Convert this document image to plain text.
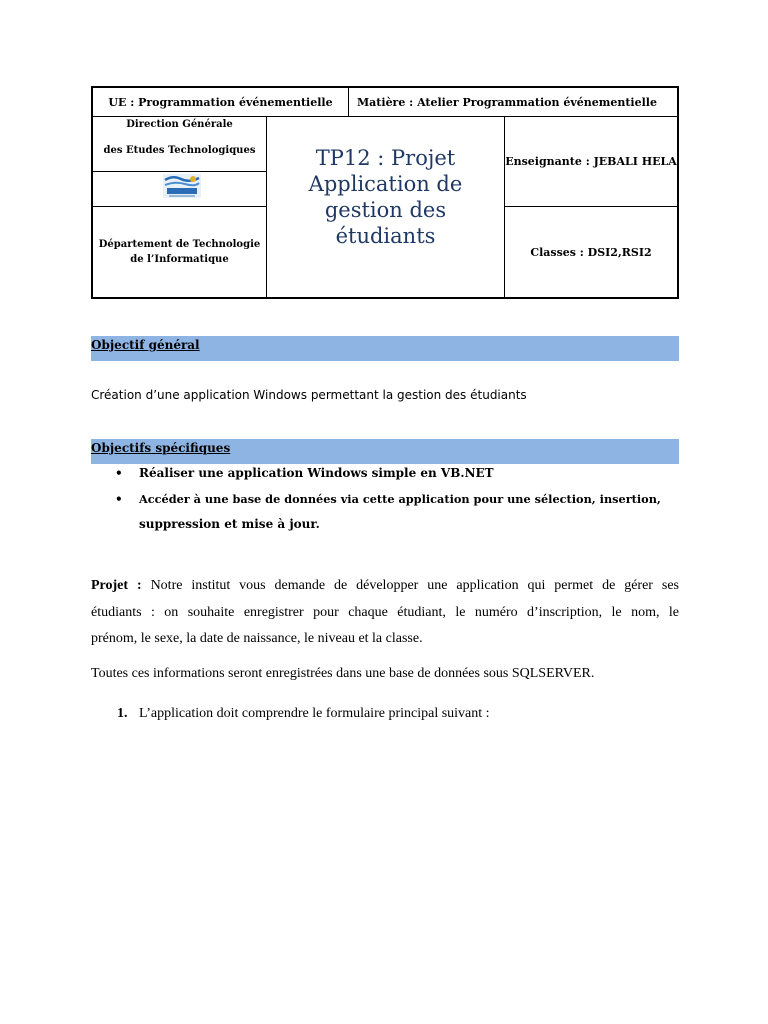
UE : Programmation événementielle Matière : Atelier Programmation événementielle
Direction Générale
des Etudes Technologiques
Département de Technologie
de l’Informatique
TP12 : Projet
Application de
gestion des
étudiants
Enseignante : JEBALI HELA
Classes : DSI2,RSI2
Objectif général
Création d’une application Windows permettant la gestion des étudiants
Objectifs spécifiques
• Réaliser une application Windows simple en VB.NET
• Accéder à une base de données via cette application pour une sélection, insertion,
suppression et mise à jour.
Projet : Notre institut vous demande de développer une application qui permet de gérer ses
étudiants : on souhaite enregistrer pour chaque étudiant, le numéro d’inscription, le nom, le
prénom, le sexe, la date de naissance, le niveau et la classe.
Toutes ces informations seront enregistrées dans une base de données sous SQLSERVER.
1. L’application doit comprendre le formulaire principal suivant :
